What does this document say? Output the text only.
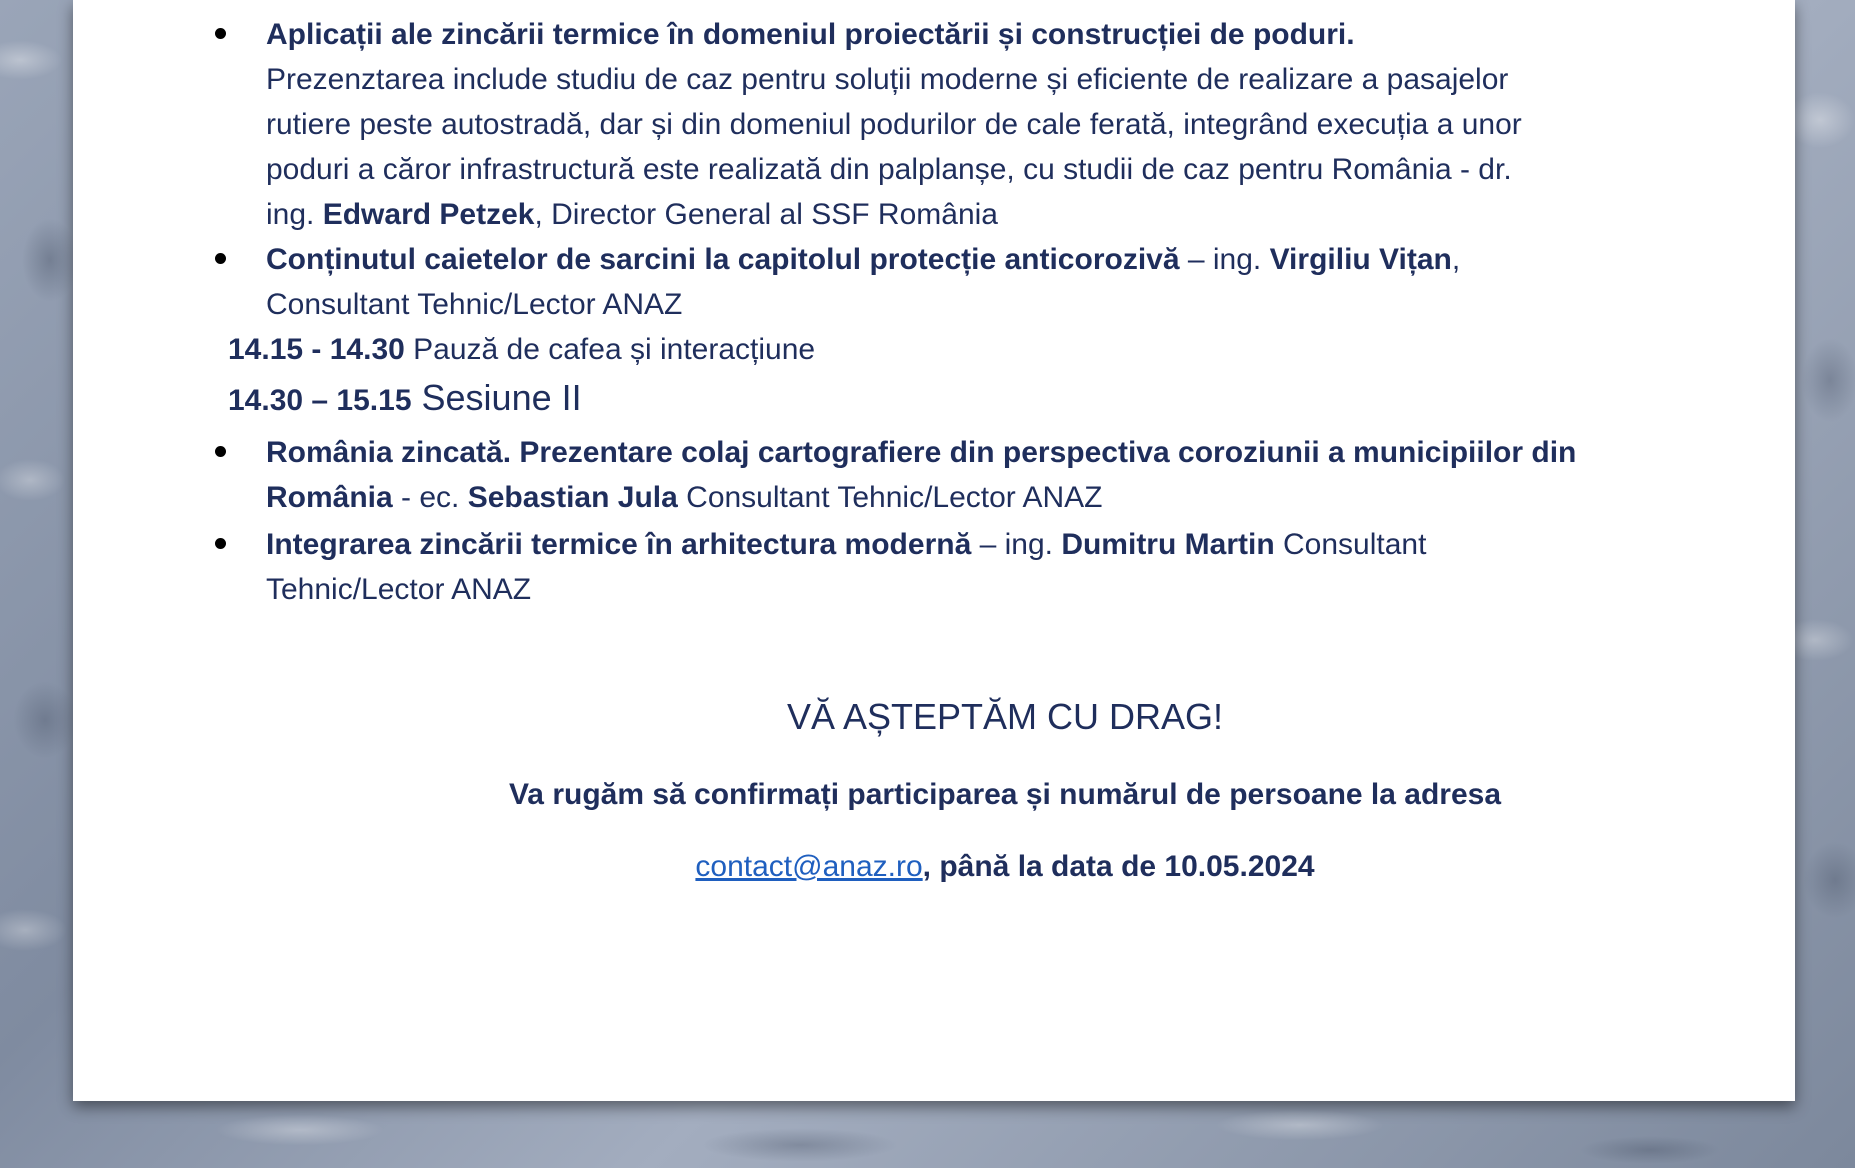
Aplicații ale zincării termice în domeniul proiectării și construcției de poduri.
Prezenztarea include studiu de caz pentru soluții moderne și eficiente de realizare a pasajelor
rutiere peste autostradă, dar și din domeniul podurilor de cale ferată, integrând execuția a unor
poduri a căror infrastructură este realizată din palplanșe, cu studii de caz pentru România - dr.
ing. Edward Petzek, Director General al SSF România
Conținutul caietelor de sarcini la capitolul protecție anticorozivă – ing. Virgiliu Vițan,
Consultant Tehnic/Lector ANAZ
14.15 - 14.30 Pauză de cafea și interacțiune
14.30 – 15.15 Sesiune II
România zincată. Prezentare colaj cartografiere din perspectiva coroziunii a municipiilor din
România - ec. Sebastian Jula Consultant Tehnic/Lector ANAZ
Integrarea zincării termice în arhitectura modernă – ing. Dumitru Martin Consultant
Tehnic/Lector ANAZ
VĂ AȘTEPTĂM CU DRAG!
Va rugăm să confirmați participarea și numărul de persoane la adresa
contact@anaz.ro, până la data de 10.05.2024
